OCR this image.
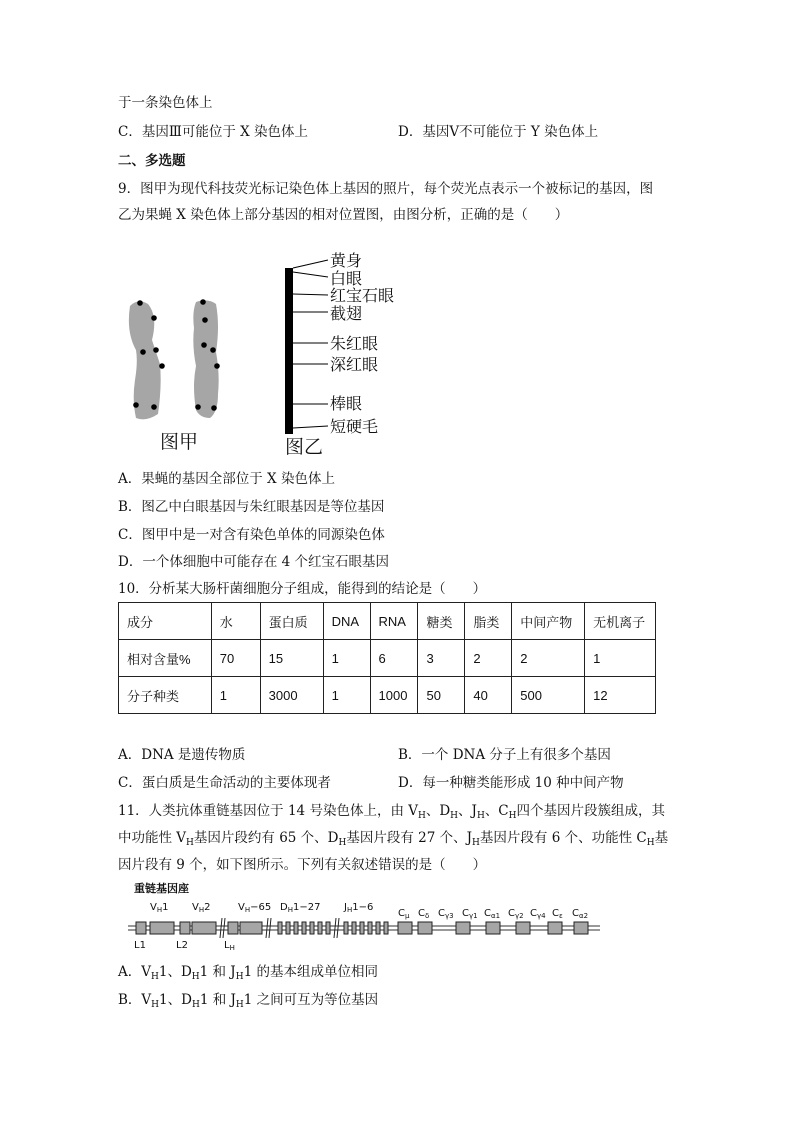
于一条染色体上
C．基因Ⅲ可能位于 X 染色体上	D．基因Ⅴ不可能位于 Y 染色体上
二、多选题
9．图甲为现代科技荧光标记染色体上基因的照片，每个荧光点表示一个被标记的基因，图
乙为果蝇 X 染色体上部分基因的相对位置图，由图分析，正确的是（　　）
图甲
黄身
白眼
红宝石眼
截翅
朱红眼
深红眼
棒眼
短硬毛
图乙
A．果蝇的基因全部位于 X 染色体上
B．图乙中白眼基因与朱红眼基因是等位基因
C．图甲中是一对含有染色单体的同源染色体
D．一个体细胞中可能存在 4 个红宝石眼基因
10．分析某大肠杆菌细胞分子组成，能得到的结论是（　　）
成分	水	蛋白质	DNA	RNA	糖类	脂类	中间产物	无机离子
相对含量%	70	15	1	6	3	2	2	1
分子种类	1	3000	1	1000	50	40	500	12
A．DNA 是遗传物质	B．一个 DNA 分子上有很多个基因
C．蛋白质是生命活动的主要体现者	D．每一种糖类能形成 10 种中间产物
11．人类抗体重链基因位于 14 号染色体上，由 $V_H$、$D_H$、$J_H$、$C_H$四个基因片段簇组成，其
中功能性 $V_H$基因片段约有 65 个、$D_H$基因片段有 27 个、$J_H$基因片段有 6 个、功能性 $C_H$基
因片段有 9 个，如下图所示。下列有关叙述错误的是（　　）
重链基因座
$V_H1$ $V_H2$	$V_H-65$ $D_H1-27$ $J_H1-6$
$C_\mu$ $C_\delta$ $C_{\gamma 3}$ $C_{\gamma 1}$ $C_{\alpha 1}$ $C_{\gamma 2}$ $C_{\gamma 4}$ $C_\varepsilon$ $C_{\alpha 2}$
L1	L2	$L_H$
A．$V_H1$、$D_H1$ 和 $J_H1$ 的基本组成单位相同
B．$V_H1$、$D_H1$ 和 $J_H1$ 之间可互为等位基因
